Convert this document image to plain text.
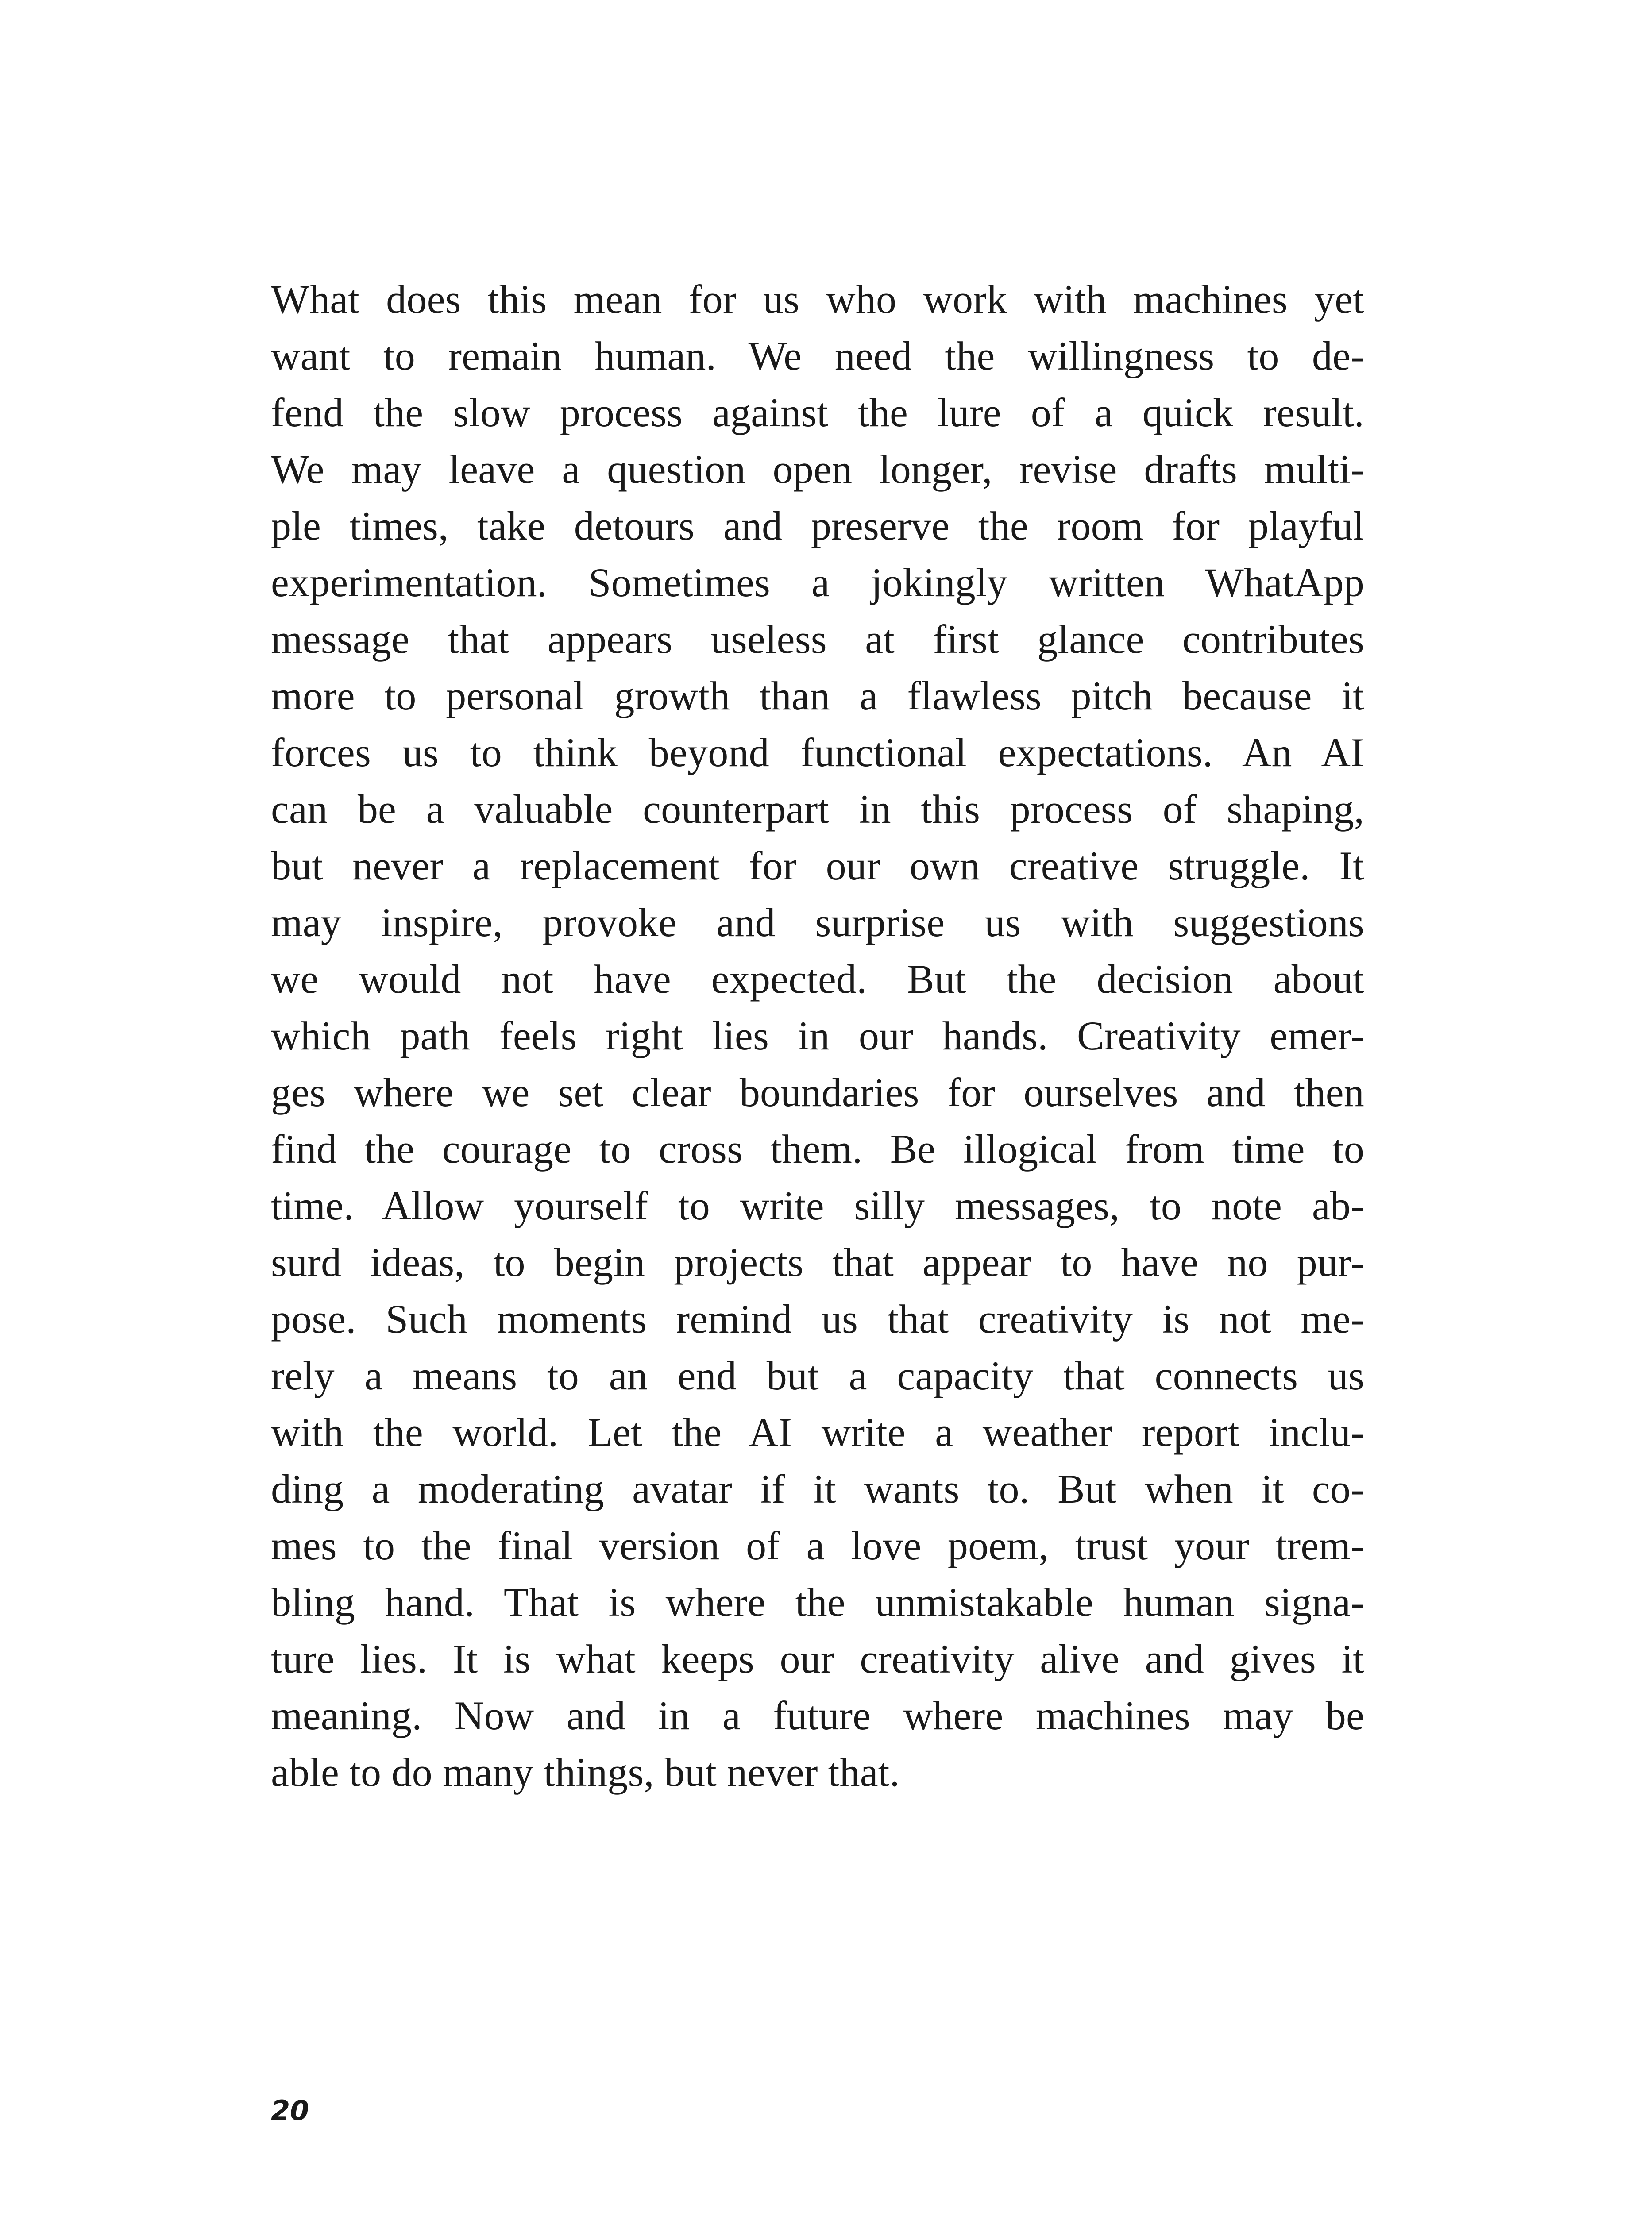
What does this mean for us who work with machines yet
want to remain human. We need the willingness to de-
fend the slow process against the lure of a quick result.
We may leave a question open longer, revise drafts multi-
ple times, take detours and preserve the room for playful
experimentation. Sometimes a jokingly written WhatApp
message that appears useless at first glance contributes
more to personal growth than a flawless pitch because it
forces us to think beyond functional expectations. An AI
can be a valuable counterpart in this process of shaping,
but never a replacement for our own creative struggle. It
may inspire, provoke and surprise us with suggestions
we would not have expected. But the decision about
which path feels right lies in our hands. Creativity emer-
ges where we set clear boundaries for ourselves and then
find the courage to cross them. Be illogical from time to
time. Allow yourself to write silly messages, to note ab-
surd ideas, to begin projects that appear to have no pur-
pose. Such moments remind us that creativity is not me-
rely a means to an end but a capacity that connects us
with the world. Let the AI write a weather report inclu-
ding a moderating avatar if it wants to. But when it co-
mes to the final version of a love poem, trust your trem-
bling hand. That is where the unmistakable human signa-
ture lies. It is what keeps our creativity alive and gives it
meaning. Now and in a future where machines may be
able to do many things, but never that.
20
